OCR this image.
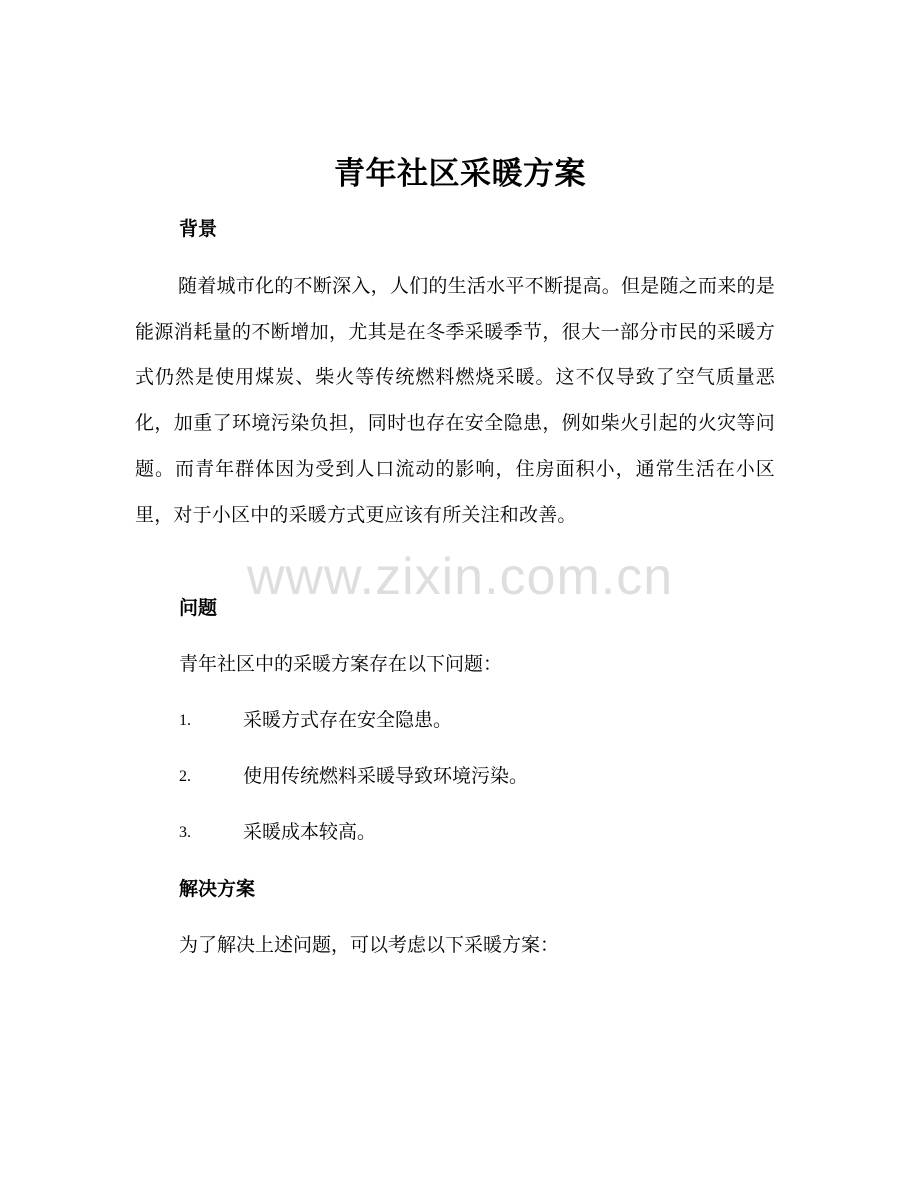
青年社区采暖方案
背景

随着城市化的不断深入，人们的生活水平不断提高。但是随之而来的是能源消耗量的不断增加，尤其是在冬季采暖季节，很大一部分市民的采暖方式仍然是使用煤炭、柴火等传统燃料燃烧采暖。这不仅导致了空气质量恶化，加重了环境污染负担，同时也存在安全隐患，例如柴火引起的火灾等问题。而青年群体因为受到人口流动的影响，住房面积小，通常生活在小区里，对于小区中的采暖方式更应该有所关注和改善。

www.zixin.com.cn
问题
青年社区中的采暖方案存在以下问题：
1.	采暖方式存在安全隐患。
2.	使用传统燃料采暖导致环境污染。
3.	采暖成本较高。
解决方案
为了解决上述问题，可以考虑以下采暖方案：
